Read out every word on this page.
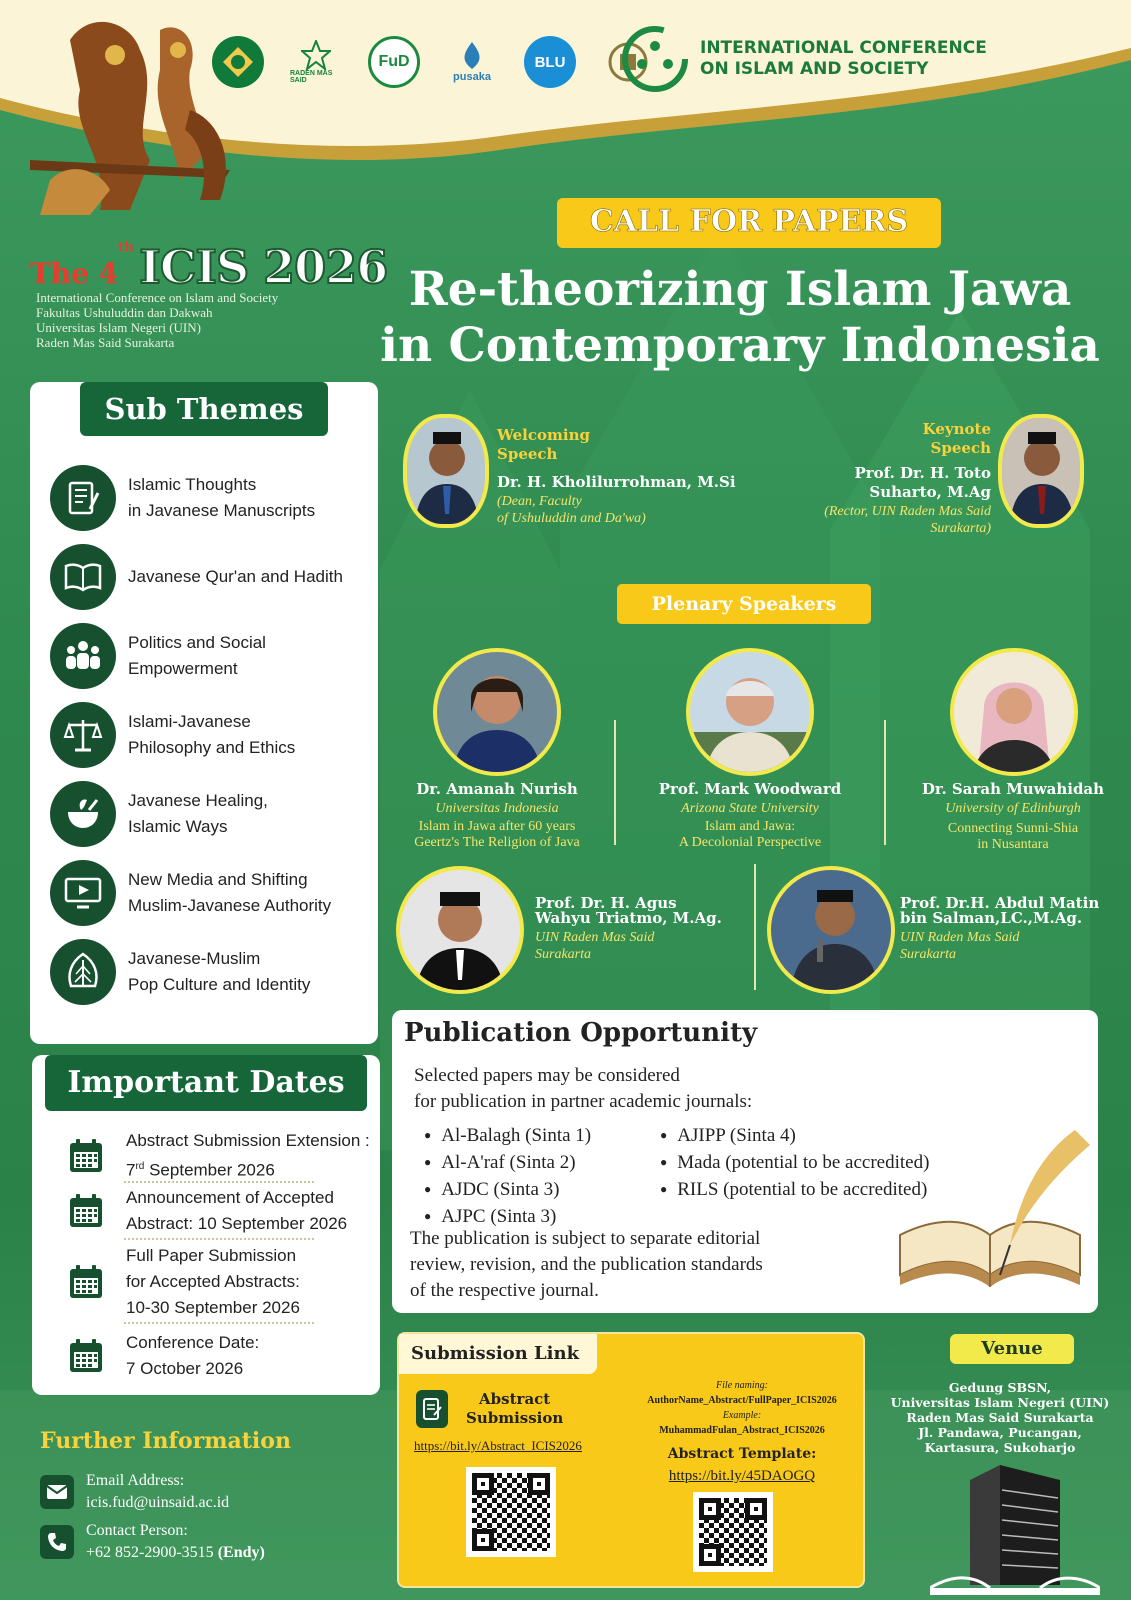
RADEN MAS SAID
FuD
pusaka
BLU
INTERNATIONAL CONFERENCE
ON ISLAM AND SOCIETY
The 4th ICIS 2026
International Conference on Islam and Society
Fakultas Ushuluddin dan Dakwah
Universitas Islam Negeri (UIN)
Raden Mas Said Surakarta
CALL FOR PAPERS
Re-theorizing Islam Jawa
in Contemporary Indonesia
Sub Themes
Islamic Thoughts
in Javanese Manuscripts
Javanese Qur'an and Hadith
Politics and Social
Empowerment
Islami-Javanese
Philosophy and Ethics
Javanese Healing,
Islamic Ways
New Media and Shifting
Muslim-Javanese Authority
Javanese-Muslim
Pop Culture and Identity
Important Dates
Abstract Submission Extension :
7rd September 2026
Announcement of Accepted
Abstract: 10 September 2026
Full Paper Submission
for Accepted Abstracts:
10-30 September 2026
Conference Date:
7 October 2026
Further Information
Email Address:
icis.fud@uinsaid.ac.id
Contact Person:
+62 852-2900-3515 (Endy)
Welcoming
Speech
Dr. H. Kholilurrohman, M.Si
(Dean, Faculty
of Ushuluddin and Da'wa)
Keynote
Speech
Prof. Dr. H. Toto
Suharto, M.Ag
(Rector, UIN Raden Mas Said
Surakarta)
Plenary Speakers
Dr. Amanah Nurish
Universitas Indonesia
Islam in Jawa after 60 years
Geertz's The Religion of Java
Prof. Mark Woodward
Arizona State University
Islam and Jawa:
A Decolonial Perspective
Dr. Sarah Muwahidah
University of Edinburgh
Connecting Sunni-Shia
in Nusantara
Prof. Dr. H. Agus
Wahyu Triatmo, M.Ag.
UIN Raden Mas Said
Surakarta
Prof. Dr.H. Abdul Matin
bin Salman,LC.,M.Ag.
UIN Raden Mas Said
Surakarta
Publication Opportunity
Selected papers may be considered
for publication in partner academic journals:
● Al-Balagh (Sinta 1)
● Al-A'raf (Sinta 2)
● AJDC (Sinta 3)
● AJPC (Sinta 3)
● AJIPP (Sinta 4)
● Mada (potential to be accredited)
● RILS (potential to be accredited)
The publication is subject to separate editorial
review, revision, and the publication standards
of the respective journal.
Submission Link
Abstract
Submission
https://bit.ly/Abstract_ICIS2026
File naming:
AuthorName_Abstract/FullPaper_ICIS2026
Example:
MuhammadFulan_Abstract_ICIS2026
Abstract Template:
https://bit.ly/45DAOGQ
Venue
Gedung SBSN,
Universitas Islam Negeri (UIN)
Raden Mas Said Surakarta
Jl. Pandawa, Pucangan,
Kartasura, Sukoharjo
